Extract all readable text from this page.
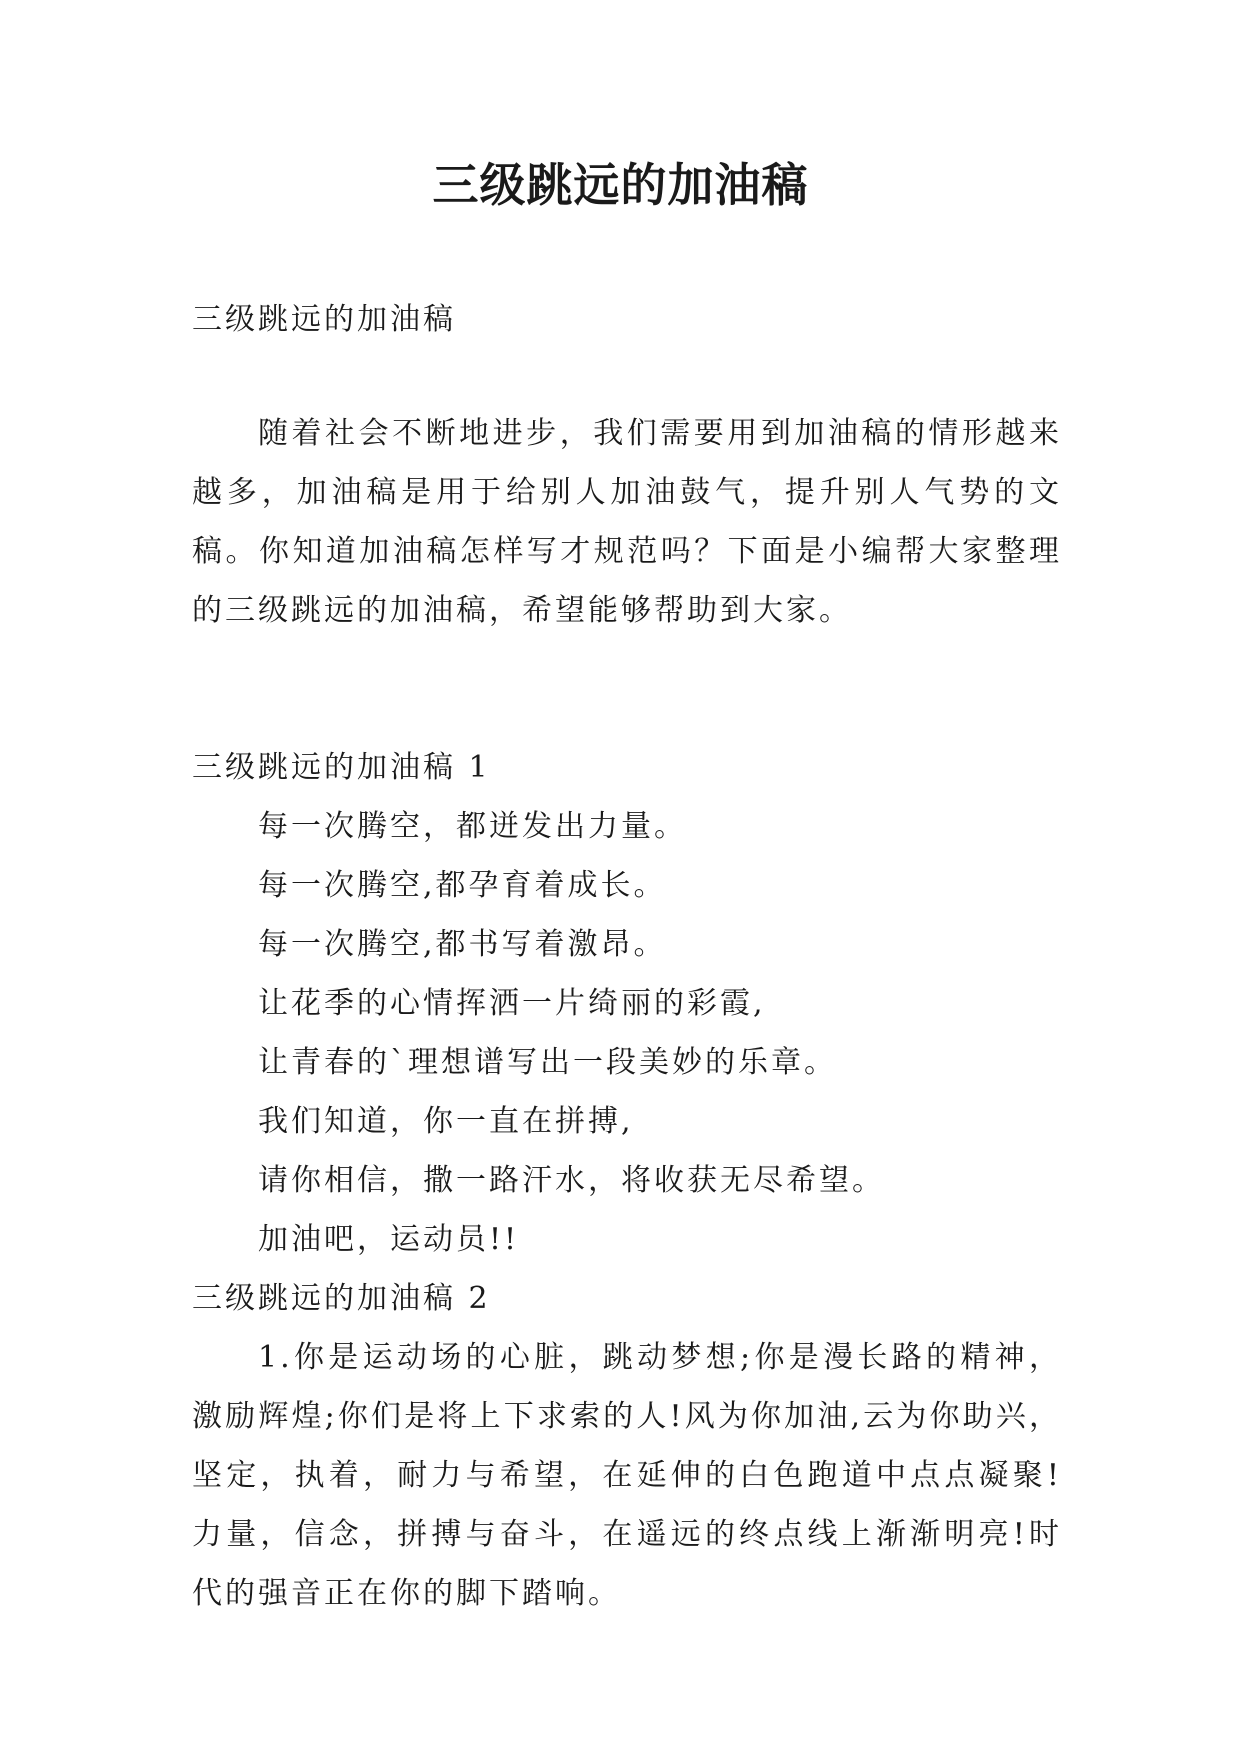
三级跳远的加油稿
三级跳远的加油稿
随着社会不断地进步，我们需要用到加油稿的情形越来越多，加油稿是用于给别人加油鼓气，提升别人气势的文稿。你知道加油稿怎样写才规范吗？下面是小编帮大家整理的三级跳远的加油稿，希望能够帮助到大家。
三级跳远的加油稿 1
每一次腾空，都迸发出力量。
每一次腾空,都孕育着成长。
每一次腾空,都书写着激昂。
让花季的心情挥洒一片绮丽的彩霞,
让青春的`理想谱写出一段美妙的乐章。
我们知道，你一直在拼搏,
请你相信，撒一路汗水，将收获无尽希望。
加油吧，运动员!!
三级跳远的加油稿 2
1.你是运动场的心脏，跳动梦想;你是漫长路的精神，激励辉煌;你们是将上下求索的人!风为你加油,云为你助兴，坚定，执着，耐力与希望，在延伸的白色跑道中点点凝聚!力量，信念，拼搏与奋斗，在遥远的终点线上渐渐明亮!时代的强音正在你的脚下踏响。
